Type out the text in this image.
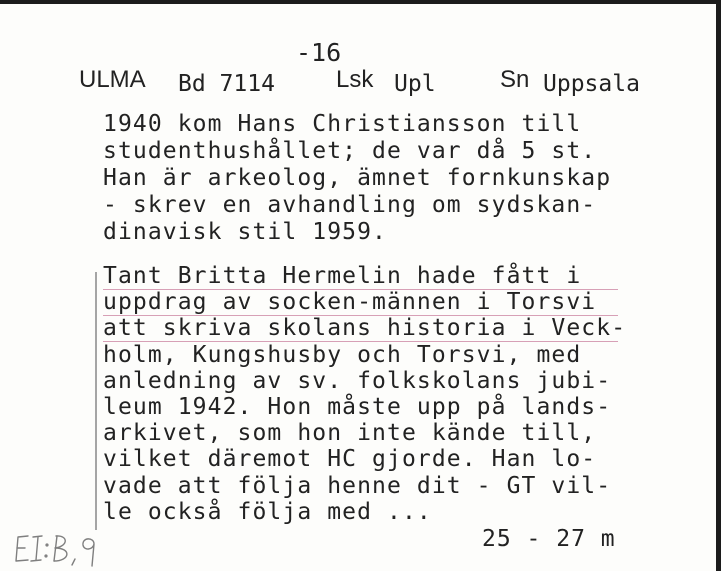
-16
ULMA Bd 7114	Lsk Upl	Sn Uppsala
1940 kom Hans Christiansson till
studenthushållet; de var då 5 st.
Han är arkeolog, ämnet fornkunskap
- skrev en avhandling om sydskan-
dinavisk stil 1959.
Tant Britta Hermelin hade fått i
uppdrag av socken-männen i Torsvi
att skriva skolans historia i Veck-
holm, Kungshusby och Torsvi, med
anledning av sv. folkskolans jubi-
leum 1942. Hon måste upp på lands-
arkivet, som hon inte kände till,
vilket däremot HC gjorde. Han lo-
vade att följa henne dit - GT vil-
le också följa med ...
25 - 27 m
